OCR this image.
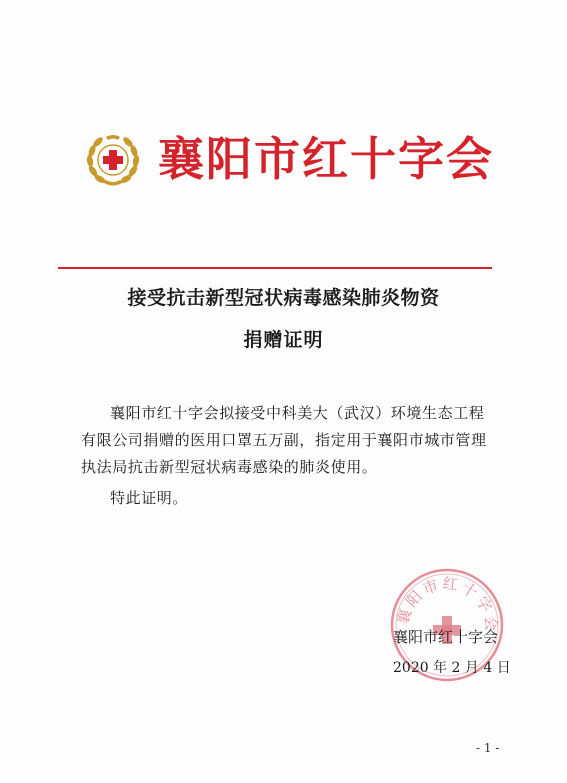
襄阳市红十字会
接受抗击新型冠状病毒感染肺炎物资
捐赠证明
襄阳市红十字会拟接受中科美大（武汉）环境生态工程
有限公司捐赠的医用口罩五万副，指定用于襄阳市城市管理
执法局抗击新型冠状病毒感染的肺炎使用。
特此证明。
襄阳市红十字会
襄阳市红十字会
2020 年 2 月 4 日
- 1 -
